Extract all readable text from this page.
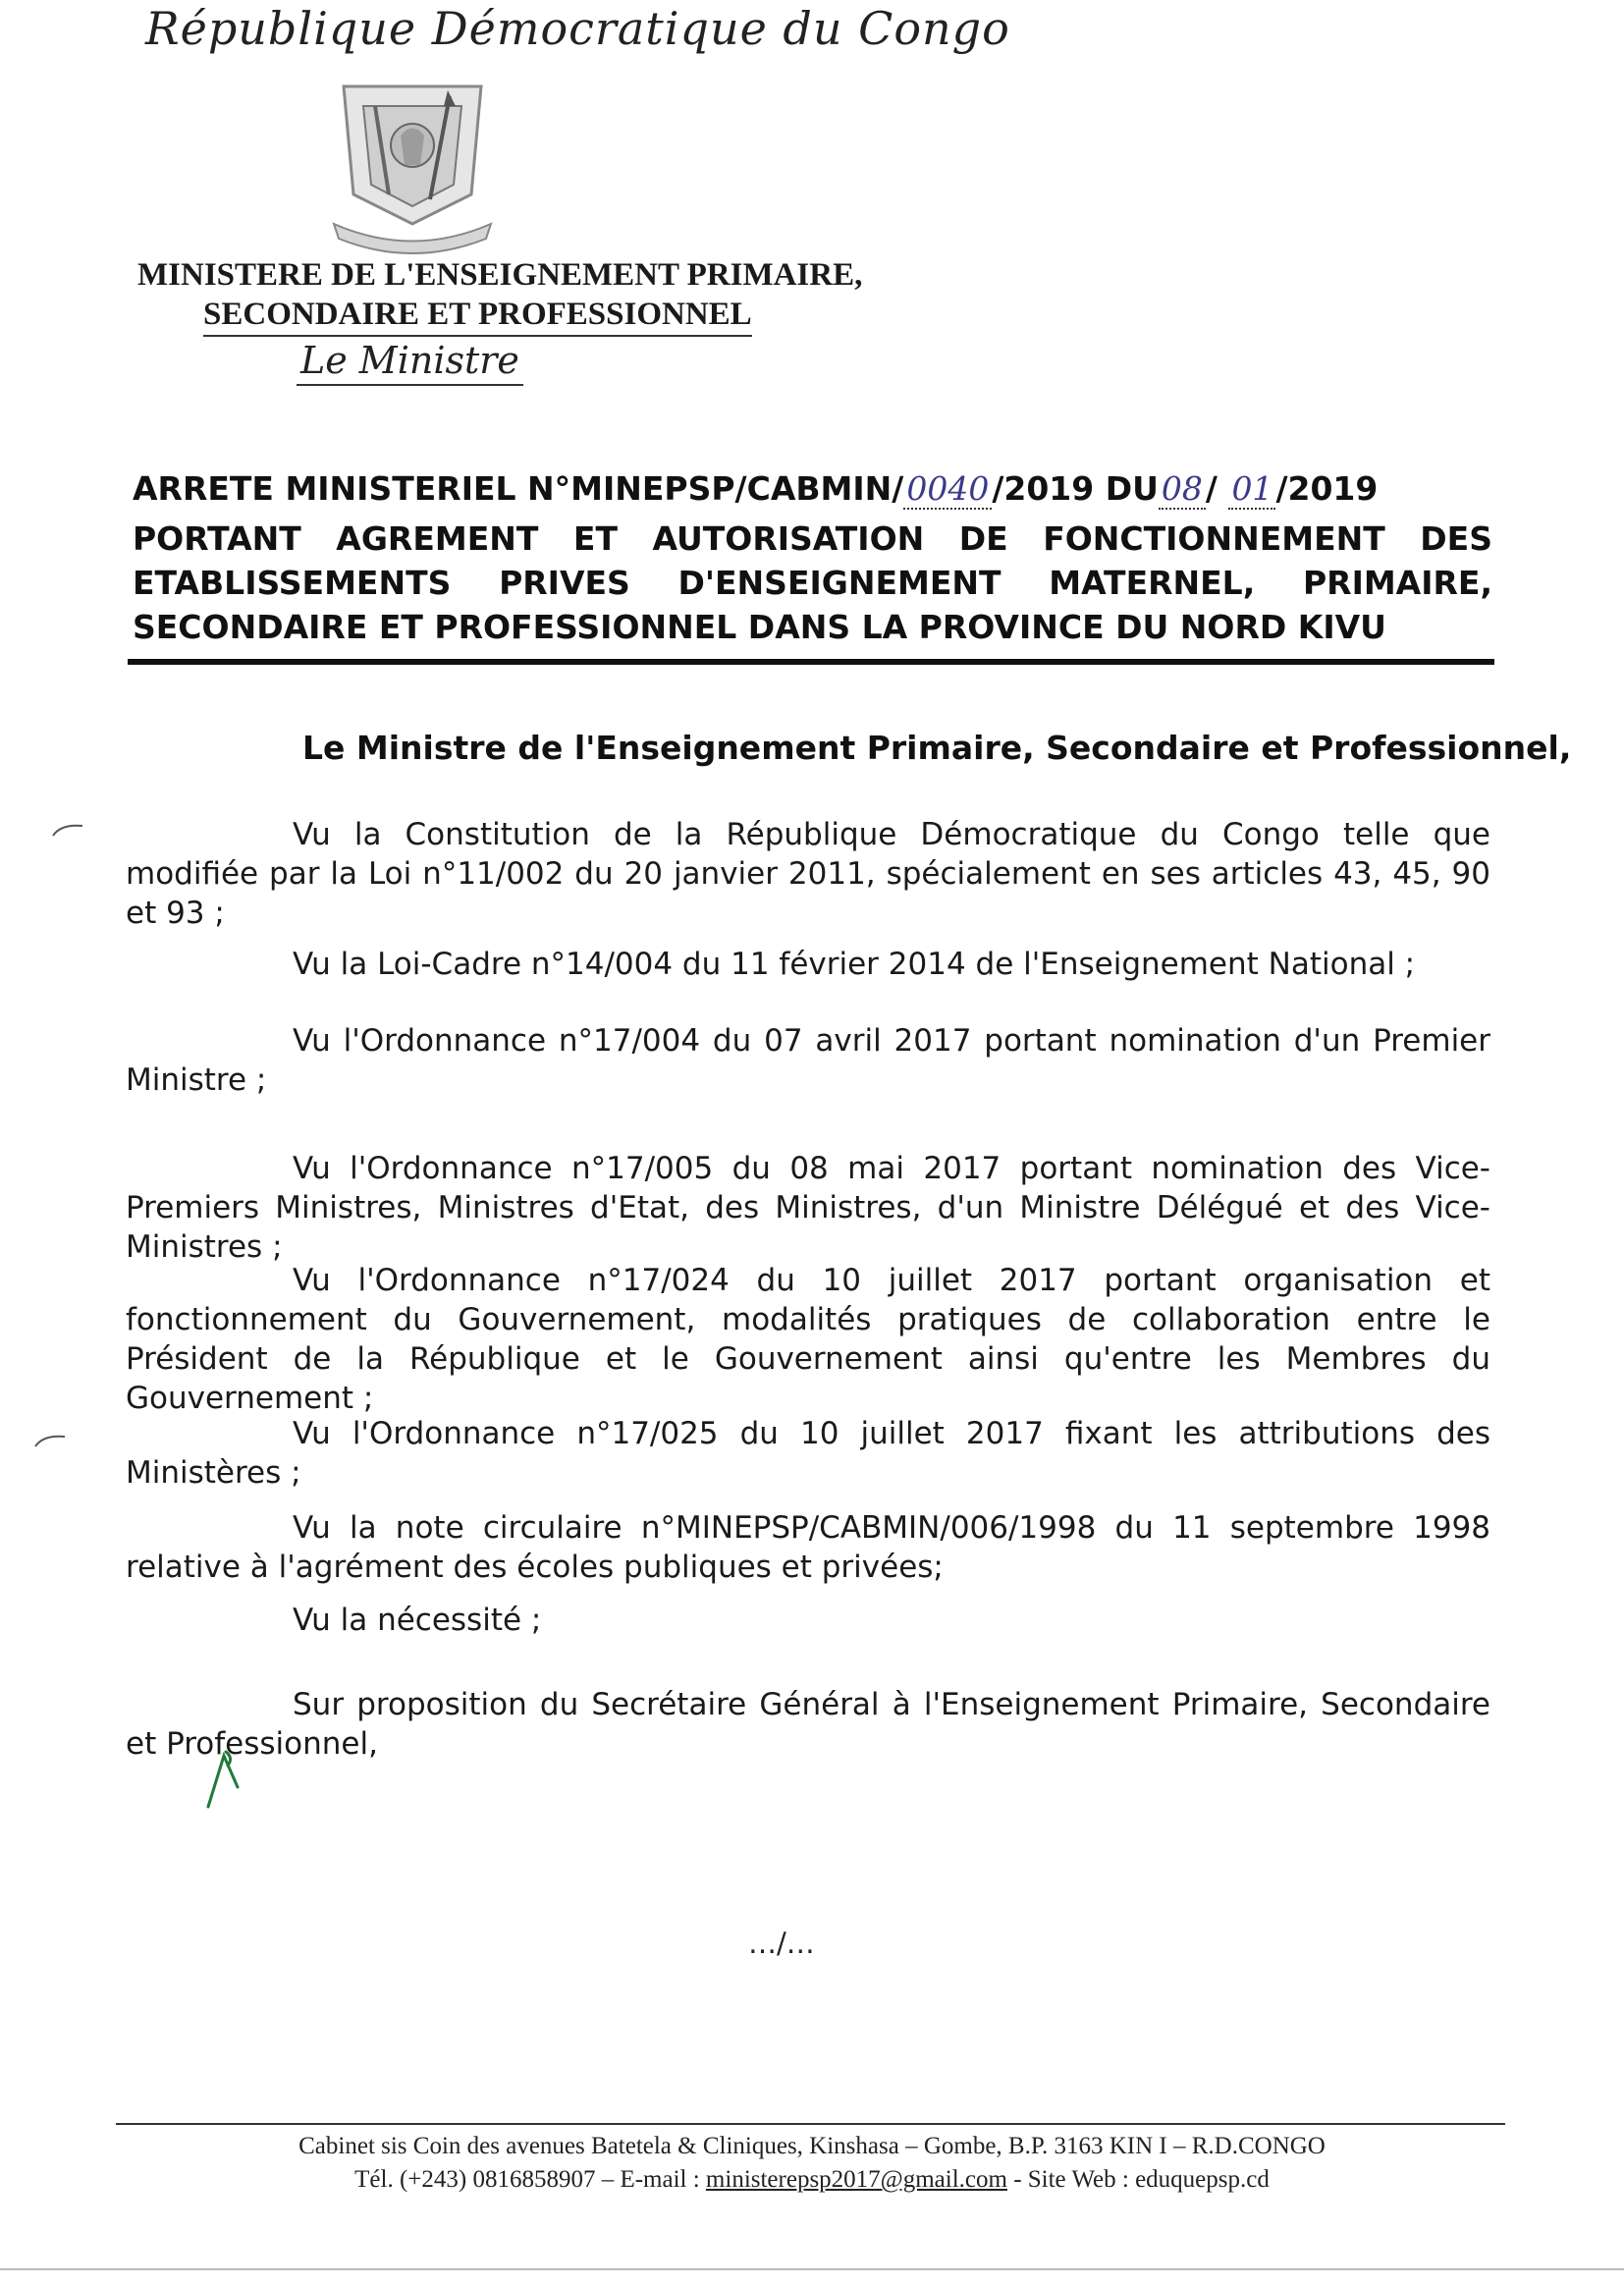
République Démocratique du Congo
MINISTERE DE L'ENSEIGNEMENT PRIMAIRE,
SECONDAIRE ET PROFESSIONNEL
Le Ministre
ARRETE MINISTERIEL N°MINEPSP/CABMIN/0040/2019 DU08/ 01/2019
PORTANT AGREMENT ET AUTORISATION DE FONCTIONNEMENT DES
ETABLISSEMENTS PRIVES D'ENSEIGNEMENT MATERNEL, PRIMAIRE,
SECONDAIRE ET PROFESSIONNEL DANS LA PROVINCE DU NORD KIVU
Le Ministre de l'Enseignement Primaire, Secondaire et Professionnel,
Vu la Constitution de la République Démocratique du Congo telle que modifiée par la Loi n°11/002 du 20 janvier 2011, spécialement en ses articles 43, 45, 90 et 93 ;
Vu la Loi-Cadre n°14/004 du 11 février 2014 de l'Enseignement National ;
Vu l'Ordonnance n°17/004 du 07 avril 2017 portant nomination d'un Premier Ministre ;
Vu l'Ordonnance n°17/005 du 08 mai 2017 portant nomination des Vice-Premiers Ministres, Ministres d'Etat, des Ministres, d'un Ministre Délégué et des Vice-Ministres ;
Vu l'Ordonnance n°17/024 du 10 juillet 2017 portant organisation et fonctionnement du Gouvernement, modalités pratiques de collaboration entre le Président de la République et le Gouvernement ainsi qu'entre les Membres du Gouvernement ;
Vu l'Ordonnance n°17/025 du 10 juillet 2017 fixant les attributions des Ministères ;
Vu la note circulaire n°MINEPSP/CABMIN/006/1998 du 11 septembre 1998 relative à l'agrément des écoles publiques et privées;
Vu la nécessité ;
Sur proposition du Secrétaire Général à l'Enseignement Primaire, Secondaire et Professionnel,
…/…
Cabinet sis Coin des avenues Batetela & Cliniques, Kinshasa – Gombe, B.P. 3163 KIN I – R.D.CONGO
Tél. (+243) 0816858907 – E-mail : ministerepsp2017@gmail.com - Site Web : eduquepsp.cd
